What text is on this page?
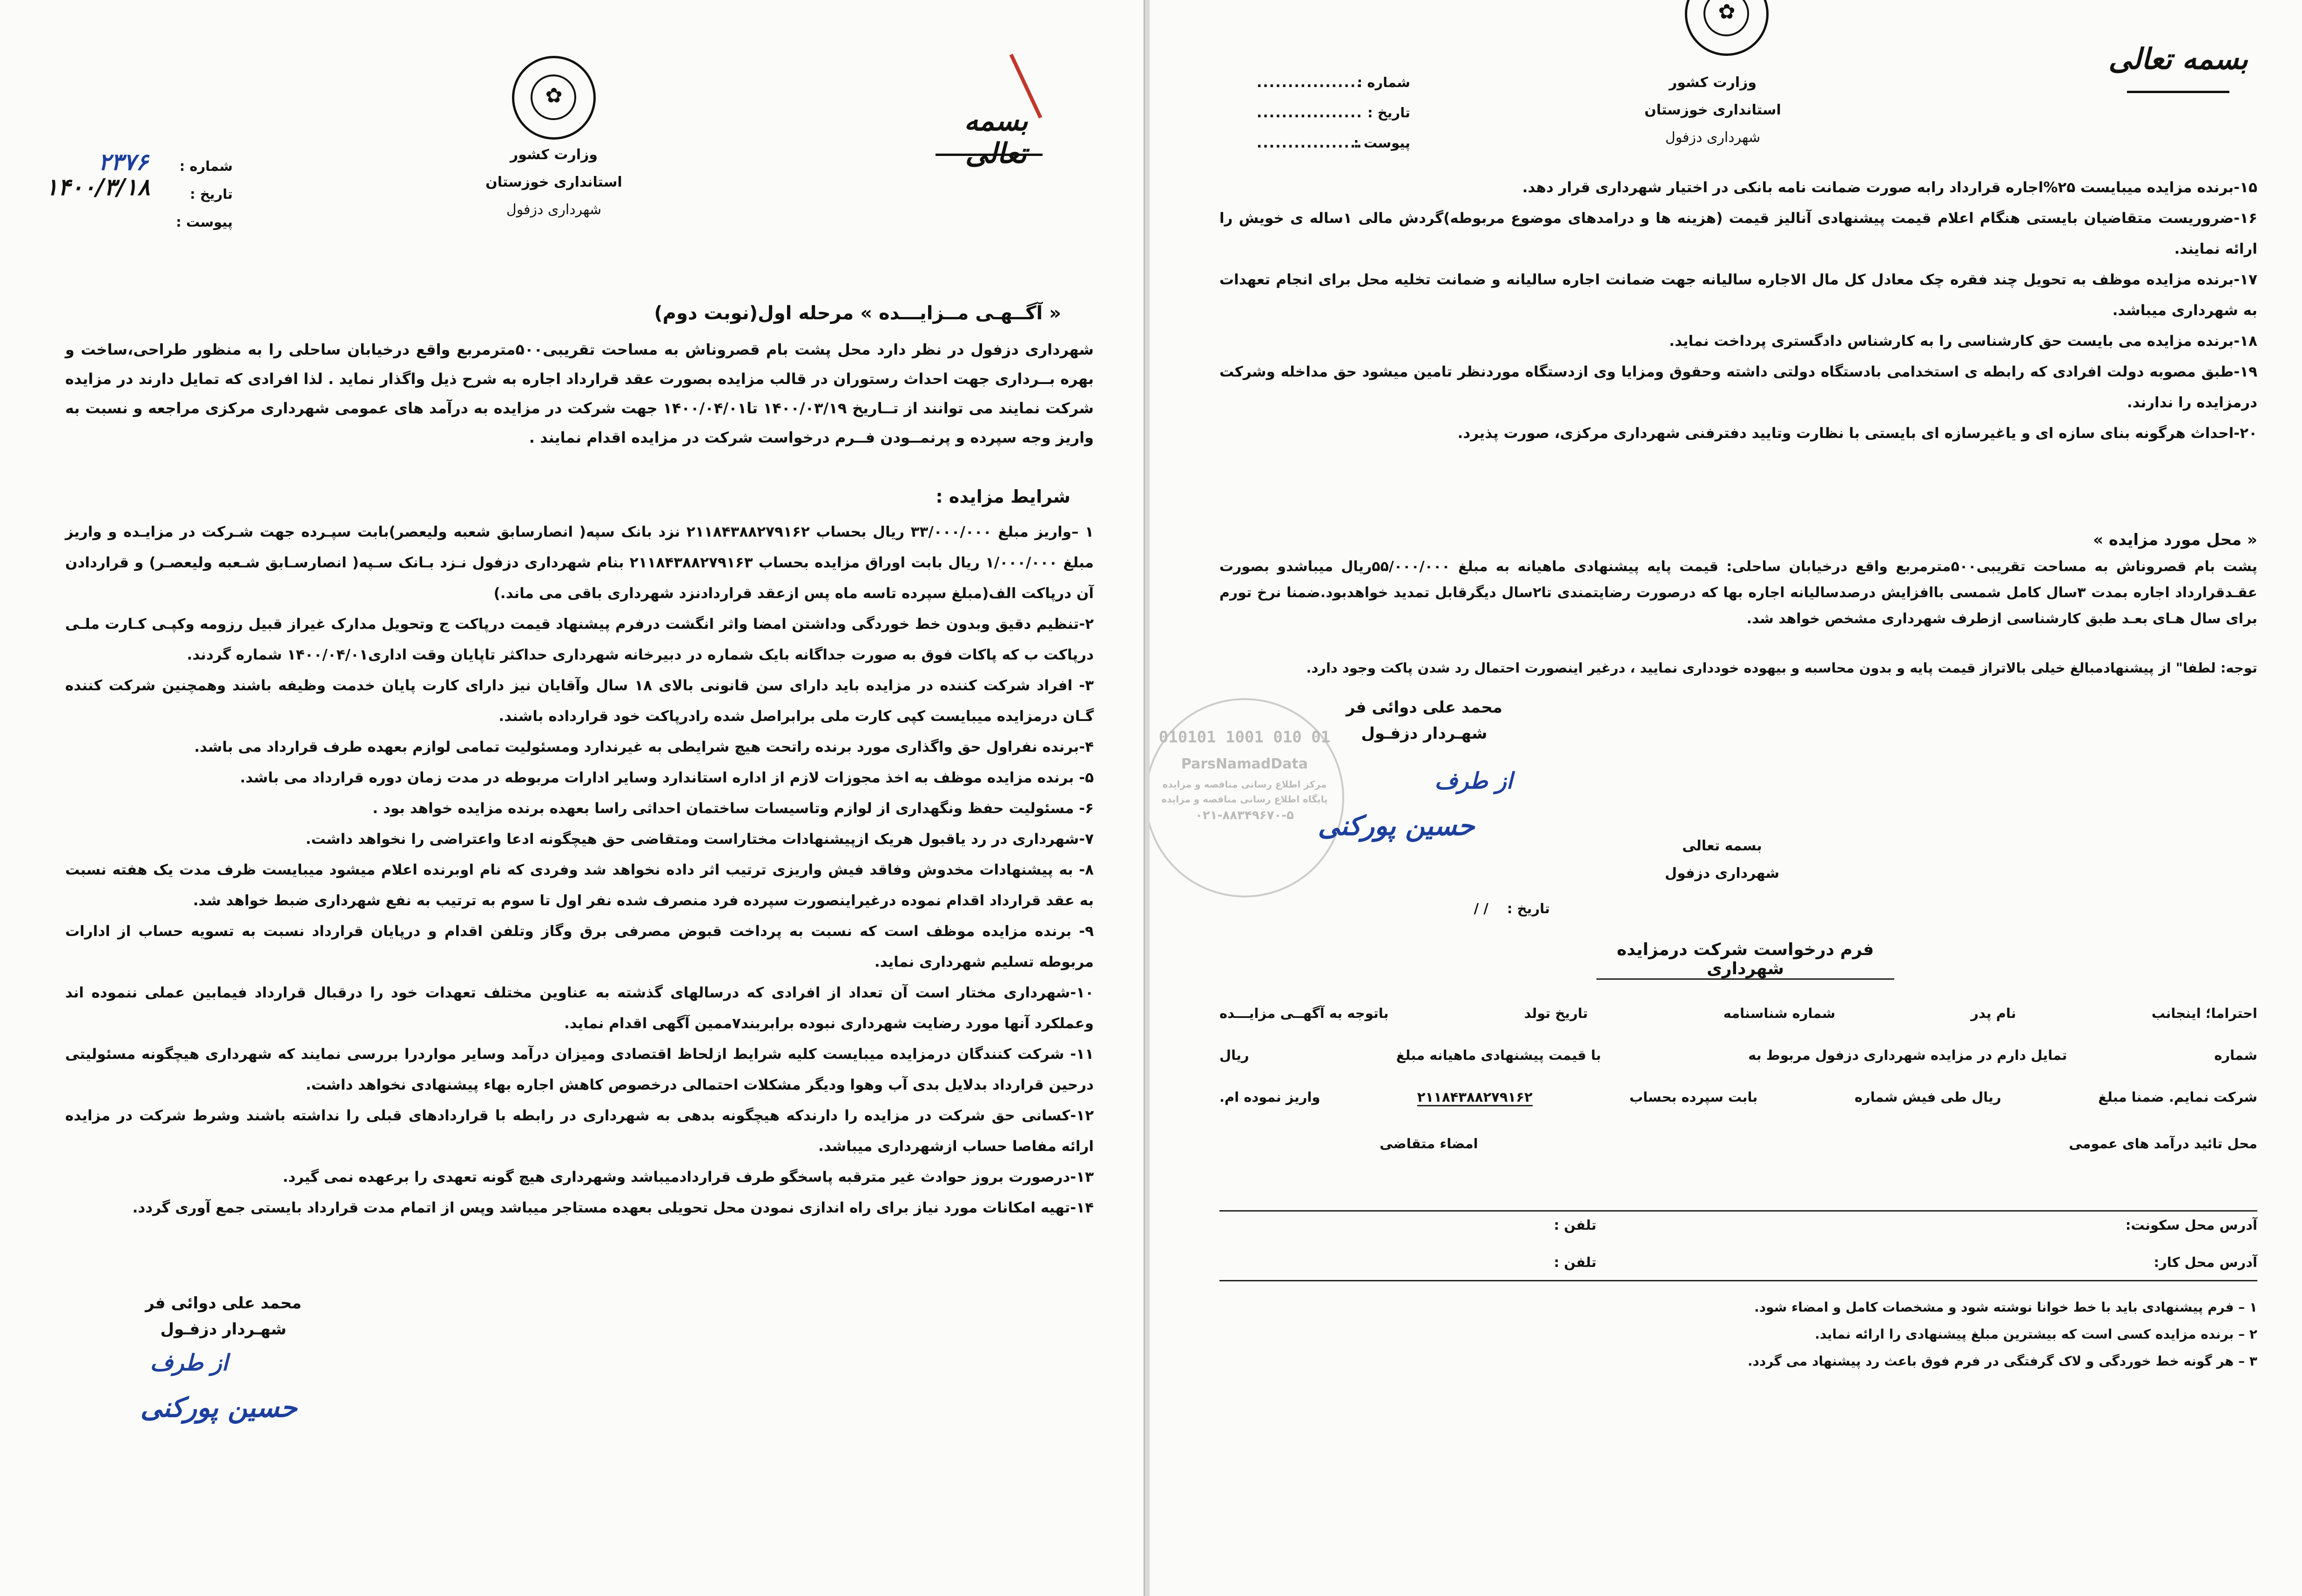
✿
وزارت کشور
استانداری خوزستان
شهرداری دزفول
بسمه تعالی
شماره :
تاریخ :
پیوست :
۲۳۷۶
۱۴۰۰/۳/۱۸
« آگــهـی مــزایـــده » مرحله اول(نوبت دوم)
شهرداری دزفول در نظر دارد محل پشت بام قصروناش به مساحت تقریبی۵۰۰مترمربع واقع درخیابان ساحلی را به منظور طراحی،ساخت و بهره بــرداری جهت احداث رستوران در قالب مزایده بصورت عقد قرارداد اجاره به شرح ذیل واگذار نماید . لذا افرادی که تمایل دارند در مزایده شرکت نمایند می توانند از تــاریخ ۱۴۰۰/۰۳/۱۹ تا۱۴۰۰/۰۴/۰۱ جهت شرکت در مزایده به درآمد های عمومی شهرداری مرکزی مراجعه و نسبت به واریز وجه سپرده و پرنمــودن فــرم درخواست شرکت در مزایده اقدام نمایند .
شرایط مزایده :
۱ –واریز مبلغ ۳۳/۰۰۰/۰۰۰ ریال بحساب ۲۱۱۸۴۳۸۸۲۷۹۱۶۲ نزد بانک سپه( انصارسابق شعبه ولیعصر)بابت سپـرده جهت شـرکت در مزایـده و واریز مبلغ ۱/۰۰۰/۰۰۰ ریال بابت اوراق مزایده بحساب ۲۱۱۸۴۳۸۸۲۷۹۱۶۳ بنام شهرداری دزفول نـزد بـانک سـپه( انصارسـابق شـعبه ولیعصـر) و قراردادن آن درپاکت الف(مبلغ سپرده تاسه ماه پس ازعقد قراردادنزد شهرداری باقی می ماند.)
۲-تنظیم دقیق وبدون خط خوردگی وداشتن امضا واثر انگشت درفرم پیشنهاد قیمت درپاکت ج وتحویل مدارک غیراز قبیل رزومه وکپـی کـارت ملـی درپاکت ب که پاکات فوق به صورت جداگانه بایک شماره در دبیرخانه شهرداری حداکثر تاپایان وقت اداری۱۴۰۰/۰۴/۰۱ شماره گردند.
۳- افراد شرکت کننده در مزایده باید دارای سن قانونی بالای ۱۸ سال وآقایان نیز دارای کارت پایان خدمت وظیفه باشند وهمچنین شرکت کننده گـان درمزایده میبایست کپی کارت ملی برابراصل شده رادرپاکت خود قرارداده باشند.
۴-برنده نفراول حق واگذاری مورد برنده راتحت هیچ شرایطی به غیرندارد ومسئولیت تمامی لوازم بعهده طرف قرارداد می باشد.
۵- برنده مزایده موظف به اخذ مجوزات لازم از اداره استاندارد وسایر ادارات مربوطه در مدت زمان دوره قرارداد می باشد.
۶- مسئولیت حفظ ونگهداری از لوازم وتاسیسات ساختمان احداثی راسا بعهده برنده مزایده خواهد بود .
۷-شهرداری در رد یاقبول هریک ازپیشنهادات مختاراست ومتقاضی حق هیچگونه ادعا واعتراضی را نخواهد داشت.
۸- به پیشنهادات مخدوش وفاقد فیش واریزی ترتیب اثر داده نخواهد شد وفردی که نام اوبرنده اعلام میشود میبایست ظرف مدت یک هفته نسبت به عقد قرارداد اقدام نموده درغیراینصورت سپرده فرد منصرف شده نفر اول تا سوم به ترتیب به نفع شهرداری ضبط خواهد شد.
۹- برنده مزایده موظف است که نسبت به پرداخت قبوض مصرفی برق وگاز وتلفن اقدام و درپایان قرارداد نسبت به تسویه حساب از ادارات مربوطه تسلیم شهرداری نماید.
۱۰-شهرداری مختار است آن تعداد از افرادی که درسالهای گذشته به عناوین مختلف تعهدات خود را درقبال قرارداد فیمابین عملی ننموده اند وعملکرد آنها مورد رضایت شهرداری نبوده برابربند۷ممین آگهی اقدام نماید.
۱۱- شرکت کنندگان درمزایده میبایست کلیه شرایط ازلحاظ اقتصادی ومیزان درآمد وسایر مواردرا بررسی نمایند که شهرداری هیچگونه مسئولیتی درحین قرارداد بدلایل بدی آب وهوا ودیگر مشکلات احتمالی درخصوص کاهش اجاره بهاء پیشنهادی نخواهد داشت.
۱۲-کسانی حق شرکت در مزایده را دارندکه هیچگونه بدهی به شهرداری در رابطه با قراردادهای قبلی را نداشته باشند وشرط شرکت در مزایده ارائه مفاصا حساب ازشهرداری میباشد.
۱۳-درصورت بروز حوادث غیر مترقبه پاسخگو طرف قراردادمیباشد وشهرداری هیچ گونه تعهدی را برعهده نمی گیرد.
۱۴-تهیه امکانات مورد نیاز برای راه اندازی نمودن محل تحویلی بعهده مستاجر میباشد وپس از اتمام مدت قرارداد بایستی جمع آوری گردد.
محمد علی دوائی فر
شهـردار دزفـول
از طرف
حسین پورکنی
✿
وزارت کشور
استانداری خوزستان
شهرداری دزفول
بسمه تعالی
شماره :
تاریخ :
پیوست :
.................
.................
.................
۱۵-برنده مزایده میبایست ۲۵%اجاره قرارداد رابه صورت ضمانت نامه بانکی در اختیار شهرداری قرار دهد.
۱۶-ضروریست متقاضیان بایستی هنگام اعلام قیمت پیشنهادی آنالیز قیمت (هزینه ها و درامدهای موضوع مربوطه)گردش مالی ۱ساله ی خویش را ارائه نمایند.
۱۷-برنده مزایده موظف به تحویل چند فقره چک معادل کل مال الاجاره سالیانه جهت ضمانت اجاره سالیانه و ضمانت تخلیه محل برای انجام تعهدات به شهرداری میباشد.
۱۸-برنده مزایده می بایست حق کارشناسی را به کارشناس دادگستری پرداخت نماید.
۱۹-طبق مصوبه دولت افرادی که رابطه ی استخدامی بادستگاه دولتی داشته وحقوق ومزایا وی ازدستگاه موردنظر تامین میشود حق مداخله وشرکت درمزایده را ندارند.
۲۰-احداث هرگونه بنای سازه ای و یاغیرسازه ای بایستی با نظارت وتایید دفترفنی شهرداری مرکزی، صورت پذیرد.
« محل مورد مزایده »
پشت بام قصروناش به مساحت تقریبی۵۰۰مترمربع واقع درخیابان ساحلی: قیمت پایه پیشنهادی ماهیانه به مبلغ ۵۵/۰۰۰/۰۰۰ریال میباشدو بصورت عقـدقرارداد اجاره بمدت ۳سال کامل شمسی باافزایش درصدسالیانه اجاره بها که درصورت رضایتمندی تا۲سال دیگرقابل تمدید خواهدبود.ضمنا نرخ تورم برای سال هـای بعـد طبق کارشناسی ازطرف شهرداری مشخص خواهد شد.
توجه: لطفا" از پیشنهادمبالغ خیلی بالاتراز قیمت پایه و بدون محاسبه و بیهوده خودداری نمایید ، درغیر اینصورت احتمال رد شدن پاکت وجود دارد.
010101 1001 010 01
ParsNamadData
مرکز اطلاع رسانی مناقصه و مزایده
پایگاه اطلاع رسانی مناقصه و مزایده
۰۲۱-۸۸۳۴۹۶۷۰-۵
محمد علی دوائی فر
شهـردار دزفـول
از طرف
حسین پورکنی
بسمه تعالی
شهرداری دزفول
تاریخ : / /
فرم درخواست شرکت درمزایده شهرداری
احتراما؛ اینجانب
نام پدر
شماره شناسنامه
تاریخ تولد
باتوجه به آگهــی مزایـــده
شماره
تمایل دارم در مزایده شهرداری دزفول مربوط به
با قیمت پیشنهادی ماهیانه مبلغ
ریال
شرکت نمایم. ضمنا مبلغ
ریال طی فیش شماره
بابت سپرده بحساب
۲۱۱۸۴۳۸۸۲۷۹۱۶۲
واریز نموده ام.
محل تائید درآمد های عمومی
امضاء متقاضی
آدرس محل سکونت:
تلفن :
آدرس محل کار:
تلفن :
۱ – فرم پیشنهادی باید با خط خوانا نوشته شود و مشخصات کامل و امضاء شود.
۲ – برنده مزایده کسی است که بیشترین مبلغ پیشنهادی را ارائه نماید.
۳ – هر گونه خط خوردگی و لاک گرفتگی در فرم فوق باعث رد پیشنهاد می گردد.
